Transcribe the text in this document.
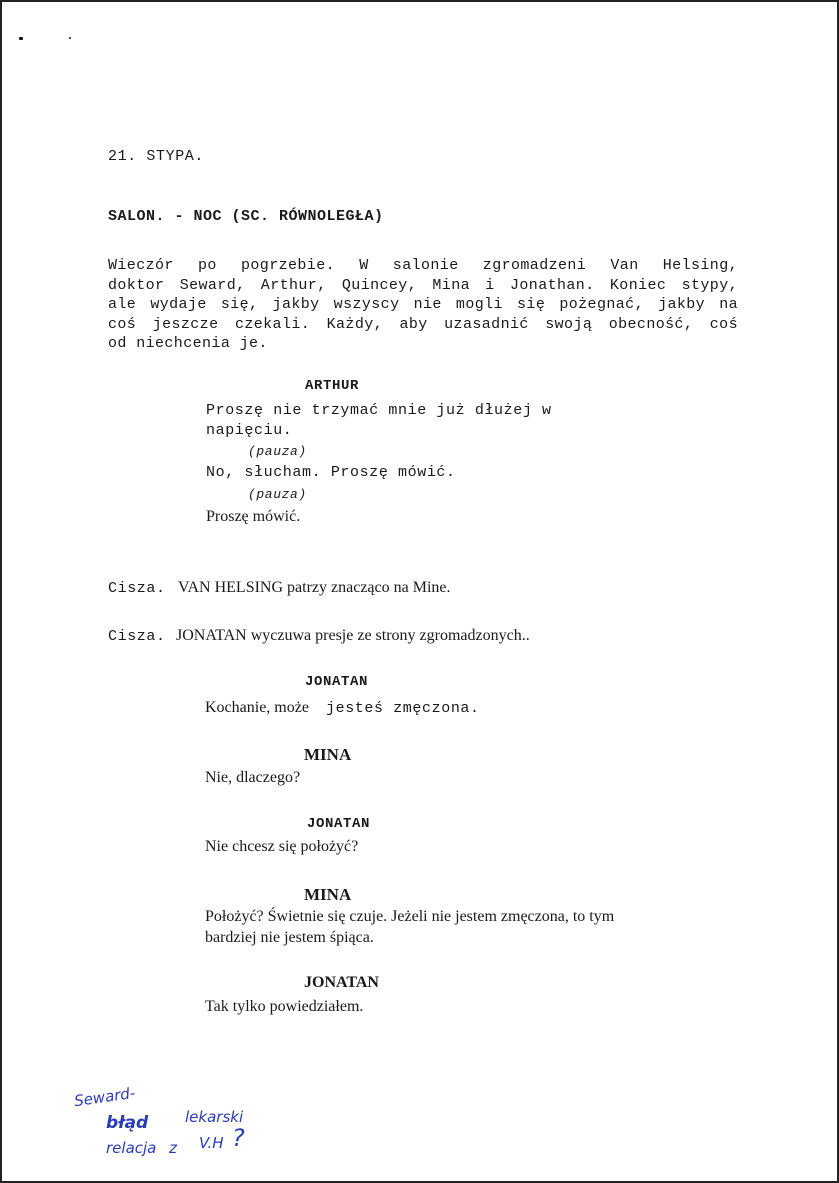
21. STYPA.

SALON. - NOC (SC. RÓWNOLEGŁA)

Wieczór po pogrzebie. W salonie zgromadzeni Van Helsing,
doktor Seward, Arthur, Quincey, Mina i Jonathan. Koniec stypy,
ale wydaje się, jakby wszyscy nie mogli się pożegnać, jakby na
coś jeszcze czekali. Każdy, aby uzasadnić swoją obecność, coś
od niechcenia je.

ARTHUR

Proszę nie trzymać mnie już dłużej w

napięciu.

(pauza)

No, słucham. Proszę mówić.

(pauza)

Proszę mówić.

Cisza. VAN HELSING patrzy znacząco na Mine.

Cisza. JONATAN wyczuwa presje ze strony zgromadzonych..

JONATAN

Kochanie, może jesteś zmęczona.

MINA

Nie, dlaczego?

JONATAN

Nie chcesz się położyć?

MINA

Położyć? Świetnie się czuje. Jeżeli nie jestem zmęczona, to tym

bardziej nie jestem śpiąca.

JONATAN

Tak tylko powiedziałem.

Seward-
błąd lekarski
relacja z V.H ?
